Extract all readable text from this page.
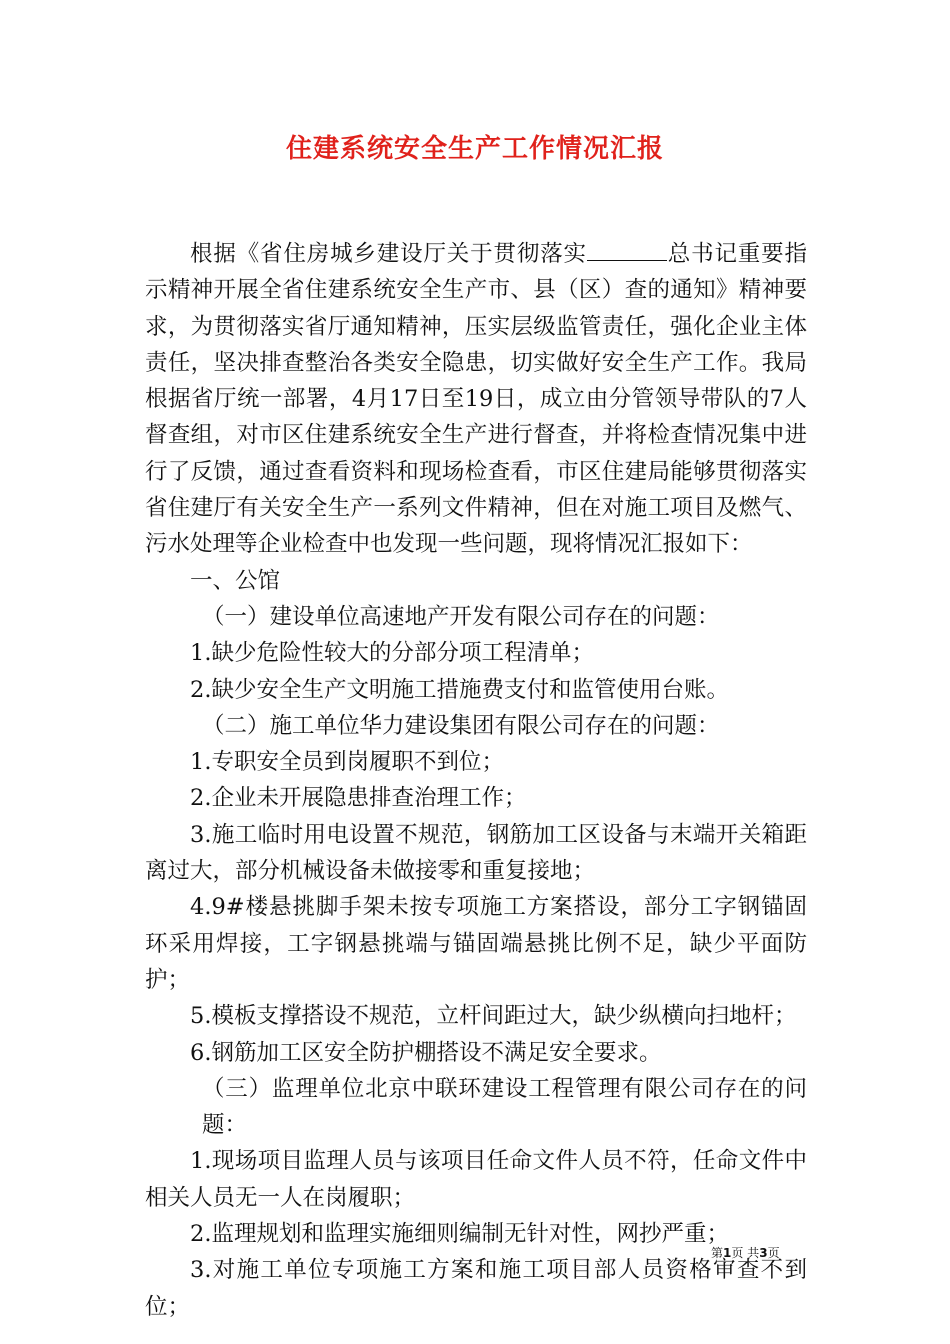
住建系统安全生产工作情况汇报

根据《省住房城乡建设厅关于贯彻落实	总书记重要指示精神开展全省住建系统安全生产市、县（区）查的通知》精神要求，为贯彻落实省厅通知精神，压实层级监管责任，强化企业主体责任，坚决排查整治各类安全隐患，切实做好安全生产工作。我局根据省厅统一部署，4月17日至19日，成立由分管领导带队的7人督查组，对市区住建系统安全生产进行督查，并将检查情况集中进行了反馈，通过查看资料和现场检查看，市区住建局能够贯彻落实省住建厅有关安全生产一系列文件精神，但在对施工项目及燃气、污水处理等企业检查中也发现一些问题，现将情况汇报如下：

一、公馆

（一）建设单位高速地产开发有限公司存在的问题：

1.缺少危险性较大的分部分项工程清单；

2.缺少安全生产文明施工措施费支付和监管使用台账。

（二）施工单位华力建设集团有限公司存在的问题：

1.专职安全员到岗履职不到位；

2.企业未开展隐患排查治理工作；

3.施工临时用电设置不规范，钢筋加工区设备与末端开关箱距离过大，部分机械设备未做接零和重复接地；

4.9#楼悬挑脚手架未按专项施工方案搭设，部分工字钢锚固环采用焊接，工字钢悬挑端与锚固端悬挑比例不足，缺少平面防护；

5.模板支撑搭设不规范，立杆间距过大，缺少纵横向扫地杆；

6.钢筋加工区安全防护棚搭设不满足安全要求。

（三）监理单位北京中联环建设工程管理有限公司存在的问题：

1.现场项目监理人员与该项目任命文件人员不符，任命文件中相关人员无一人在岗履职；

2.监理规划和监理实施细则编制无针对性，网抄严重；

3.对施工单位专项施工方案和施工项目部人员资格审查不到位；

第1页 共3页
